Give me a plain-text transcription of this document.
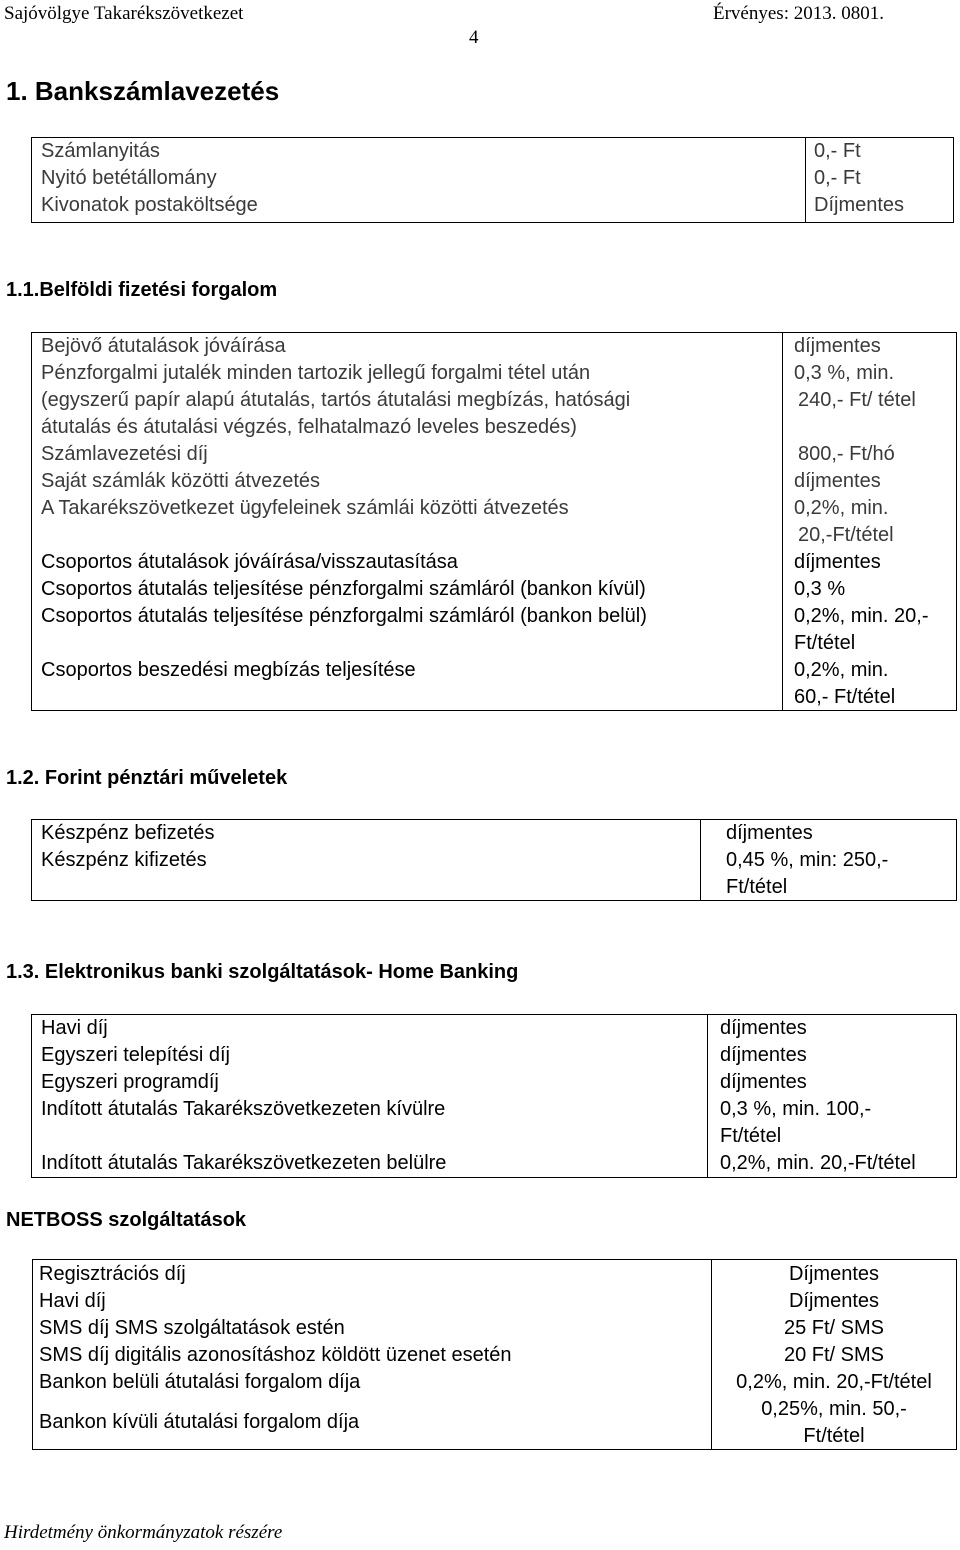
Sajóvölgye Takarékszövetkezet	Érvényes: 2013. 0801.
4
1. Bankszámlavezetés
Számlanyitás
Nyitó betétállomány
Kivonatok postaköltsége
0,- Ft
0,- Ft
Díjmentes
1.1.Belföldi fizetési forgalom
Bejövő átutalások jóváírása
Pénzforgalmi jutalék minden tartozik jellegű forgalmi tétel után
(egyszerű papír alapú átutalás, tartós átutalási megbízás, hatósági
átutalás és átutalási végzés, felhatalmazó leveles beszedés)
Számlavezetési díj
Saját számlák közötti átvezetés
A Takarékszövetkezet ügyfeleinek számlái közötti átvezetés
Csoportos átutalások jóváírása/visszautasítása
Csoportos átutalás teljesítése pénzforgalmi számláról (bankon kívül)
Csoportos átutalás teljesítése pénzforgalmi számláról (bankon belül)
Csoportos beszedési megbízás teljesítése
díjmentes
0,3 %, min.
240,- Ft/ tétel
800,- Ft/hó
díjmentes
0,2%, min.
20,-Ft/tétel
díjmentes
0,3 %
0,2%, min. 20,-
Ft/tétel
0,2%, min.
60,- Ft/tétel
1.2. Forint pénztári műveletek
Készpénz befizetés
Készpénz kifizetés
díjmentes
0,45 %, min: 250,-
Ft/tétel
1.3. Elektronikus banki szolgáltatások- Home Banking
Havi díj
Egyszeri telepítési díj
Egyszeri programdíj
Indított átutalás Takarékszövetkezeten kívülre
Indított átutalás Takarékszövetkezeten belülre
díjmentes
díjmentes
díjmentes
0,3 %, min. 100,-
Ft/tétel
0,2%, min. 20,-Ft/tétel
NETBOSS szolgáltatások
Regisztrációs díj
Havi díj
SMS díj SMS szolgáltatások estén
SMS díj digitális azonosításhoz köldött üzenet esetén
Bankon belüli átutalási forgalom díja
Bankon kívüli átutalási forgalom díja
Díjmentes
Díjmentes
25 Ft/ SMS
20 Ft/ SMS
0,2%, min. 20,-Ft/tétel
0,25%, min. 50,-
Ft/tétel
Hirdetmény önkormányzatok részére
